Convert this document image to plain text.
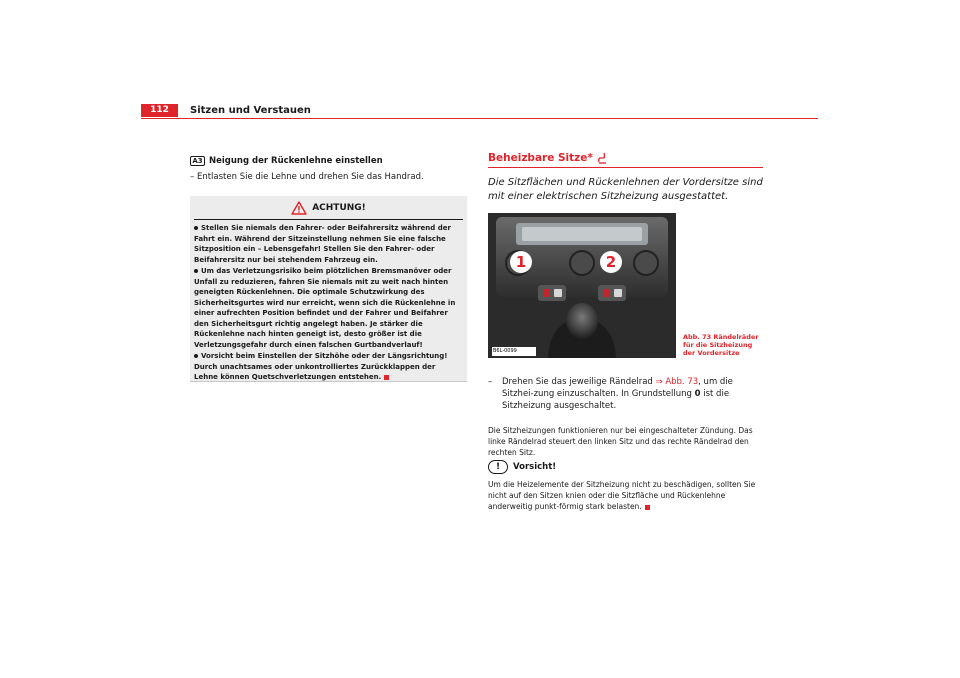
112	Sitzen und Verstauen
A3 Neigung der Rückenlehne einstellen
– Entlasten Sie die Lehne und drehen Sie das Handrad.
ACHTUNG!

Stellen Sie niemals den Fahrer- oder Beifahrersitz während der Fahrt ein. Während der Sitzeinstellung nehmen Sie eine falsche Sitzposition ein – Lebensgefahr! Stellen Sie den Fahrer- oder Beifahrersitz nur bei stehendem Fahrzeug ein.

Um das Verletzungsrisiko beim plötzlichen Bremsmanöver oder Unfall zu reduzieren, fahren Sie niemals mit zu weit nach hinten geneigten Rückenlehnen. Die optimale Schutzwirkung des Sicherheitsgurtes wird nur erreicht, wenn sich die Rückenlehne in einer aufrechten Position befindet und der Fahrer und Beifahrer den Sicherheitsgurt richtig angelegt haben. Je stärker die Rückenlehne nach hinten geneigt ist, desto größer ist die Verletzungsgefahr durch einen falschen Gurtbandverlauf!

Vorsicht beim Einstellen der Sitzhöhe oder der Längsrichtung! Durch unachtsames oder unkontrolliertes Zurückklappen der Lehne können Quetschverletzungen entstehen.

Beheizbare Sitze*
Die Sitzflächen und Rückenlehnen der Vordersitze sind mit einer elektrischen Sitzheizung ausgestattet.
1	2
B6L-0099
Abb. 73 Rändelräder für die Sitzheizung der Vordersitze
–	Drehen Sie das jeweilige Rändelrad ⇒ Abb. 73, um die Sitzhei-zung einzuschalten. In Grundstellung 0 ist die Sitzheizung ausgeschaltet.
Die Sitzheizungen funktionieren nur bei eingeschalteter Zündung. Das linke Rändelrad steuert den linken Sitz und das rechte Rändelrad den rechten Sitz.
!	Vorsicht!
Um die Heizelemente der Sitzheizung nicht zu beschädigen, sollten Sie nicht auf den Sitzen knien oder die Sitzfläche und Rückenlehne anderweitig punkt-förmig stark belasten.
